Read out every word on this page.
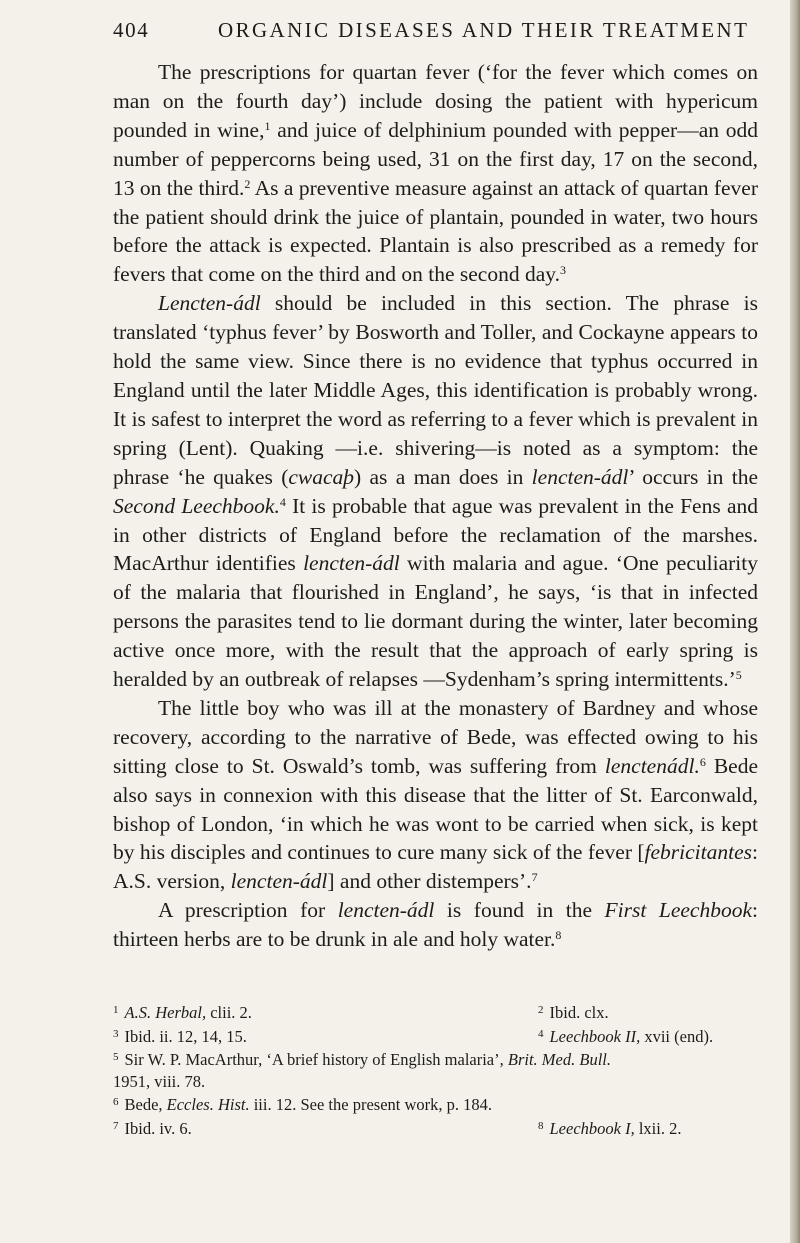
404	ORGANIC DISEASES AND THEIR TREATMENT

The prescriptions for quartan fever (‘for the fever which comes on man on the fourth day’) include dosing the patient with hypericum pounded in wine,$^1$ and juice of delphinium pounded with pepper—an odd number of peppercorns being used, 31 on the first day, 17 on the second, 13 on the third.$^2$ As a preventive measure against an attack of quartan fever the patient should drink the juice of plantain, pounded in water, two hours before the attack is expected. Plantain is also prescribed as a remedy for fevers that come on the third and on the second day.$^3$

Lencten-ádl should be included in this section. The phrase is translated ‘typhus fever’ by Bosworth and Toller, and Cockayne appears to hold the same view. Since there is no evidence that typhus occurred in England until the later Middle Ages, this identification is probably wrong. It is safest to interpret the word as referring to a fever which is prevalent in spring (Lent). Quaking —i.e. shivering—is noted as a symptom: the phrase ‘he quakes (cwacaþ) as a man does in lencten-ádl’ occurs in the Second Leechbook.$^4$ It is probable that ague was prevalent in the Fens and in other districts of England before the reclamation of the marshes. MacArthur identifies lencten-ádl with malaria and ague. ‘One peculiarity of the malaria that flourished in England’, he says, ‘is that in infected persons the parasites tend to lie dormant during the winter, later becoming active once more, with the result that the approach of early spring is heralded by an outbreak of relapses —Sydenham’s spring intermittents.’$^5$

The little boy who was ill at the monastery of Bardney and whose recovery, according to the narrative of Bede, was effected owing to his sitting close to St. Oswald’s tomb, was suffering from lenctenádl.$^6$ Bede also says in connexion with this disease that the litter of St. Earconwald, bishop of London, ‘in which he was wont to be carried when sick, is kept by his disciples and continues to cure many sick of the fever [febricitantes: A.S. version, lencten-ádl] and other distempers’.$^7$

A prescription for lencten-ádl is found in the First Leechbook: thirteen herbs are to be drunk in ale and holy water.$^8$

$^1$ A.S. Herbal, clii. 2.	$^2$ Ibid. clx.
$^3$ Ibid. ii. 12, 14, 15.	$^4$ Leechbook II, xvii (end).
$^5$ Sir W. P. MacArthur, ‘A brief history of English malaria’, Brit. Med. Bull.
1951, viii. 78.
$^6$ Bede, Eccles. Hist. iii. 12. See the present work, p. 184.
$^7$ Ibid. iv. 6.	$^8$ Leechbook I, lxii. 2.
